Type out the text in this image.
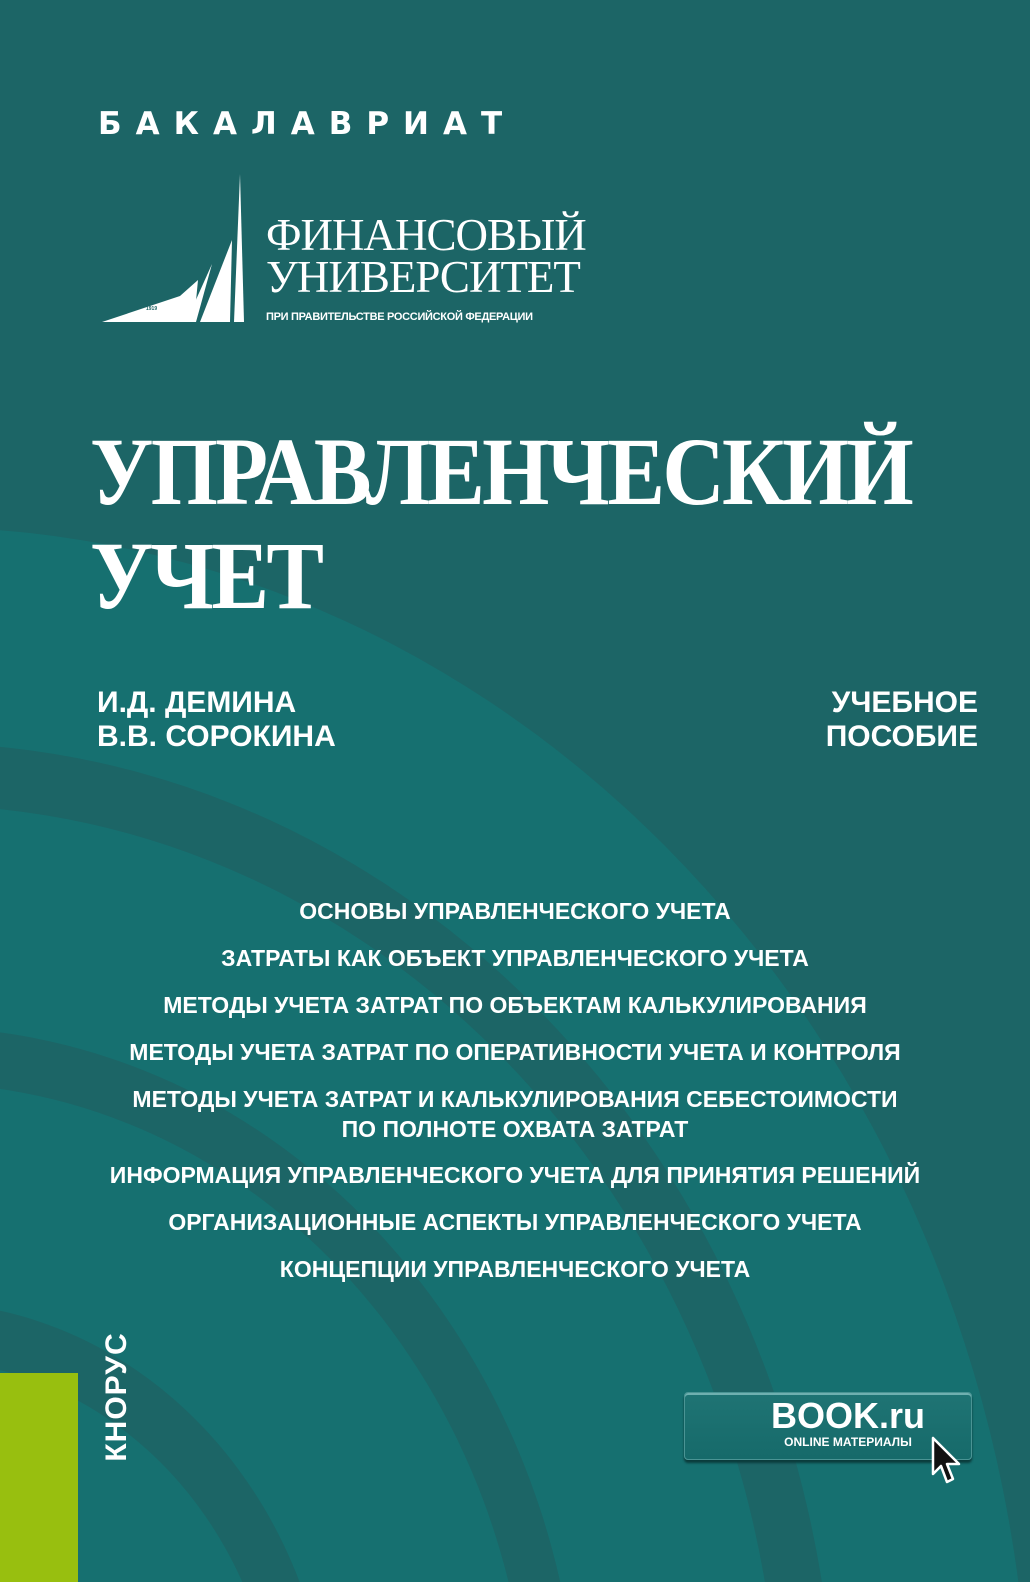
БАКАЛАВРИАТ
1919
ФИНАНСОВЫЙ
УНИВЕРСИТЕТ
ПРИ ПРАВИТЕЛЬСТВЕ РОССИЙСКОЙ ФЕДЕРАЦИИ
УПРАВЛЕНЧЕСКИЙ
УЧЕТ
И.Д. ДЕМИНА
В.В. СОРОКИНА
УЧЕБНОЕ
ПОСОБИЕ
ОСНОВЫ УПРАВЛЕНЧЕСКОГО УЧЕТА
ЗАТРАТЫ КАК ОБЪЕКТ УПРАВЛЕНЧЕСКОГО УЧЕТА
МЕТОДЫ УЧЕТА ЗАТРАТ ПО ОБЪЕКТАМ КАЛЬКУЛИРОВАНИЯ
МЕТОДЫ УЧЕТА ЗАТРАТ ПО ОПЕРАТИВНОСТИ УЧЕТА И КОНТРОЛЯ
МЕТОДЫ УЧЕТА ЗАТРАТ И КАЛЬКУЛИРОВАНИЯ СЕБЕСТОИМОСТИ
ПО ПОЛНОТЕ ОХВАТА ЗАТРАТ
ИНФОРМАЦИЯ УПРАВЛЕНЧЕСКОГО УЧЕТА ДЛЯ ПРИНЯТИЯ РЕШЕНИЙ
ОРГАНИЗАЦИОННЫЕ АСПЕКТЫ УПРАВЛЕНЧЕСКОГО УЧЕТА
КОНЦЕПЦИИ УПРАВЛЕНЧЕСКОГО УЧЕТА
КНОРУС	BOOK.ru
ONLINE МАТЕРИАЛЫ
